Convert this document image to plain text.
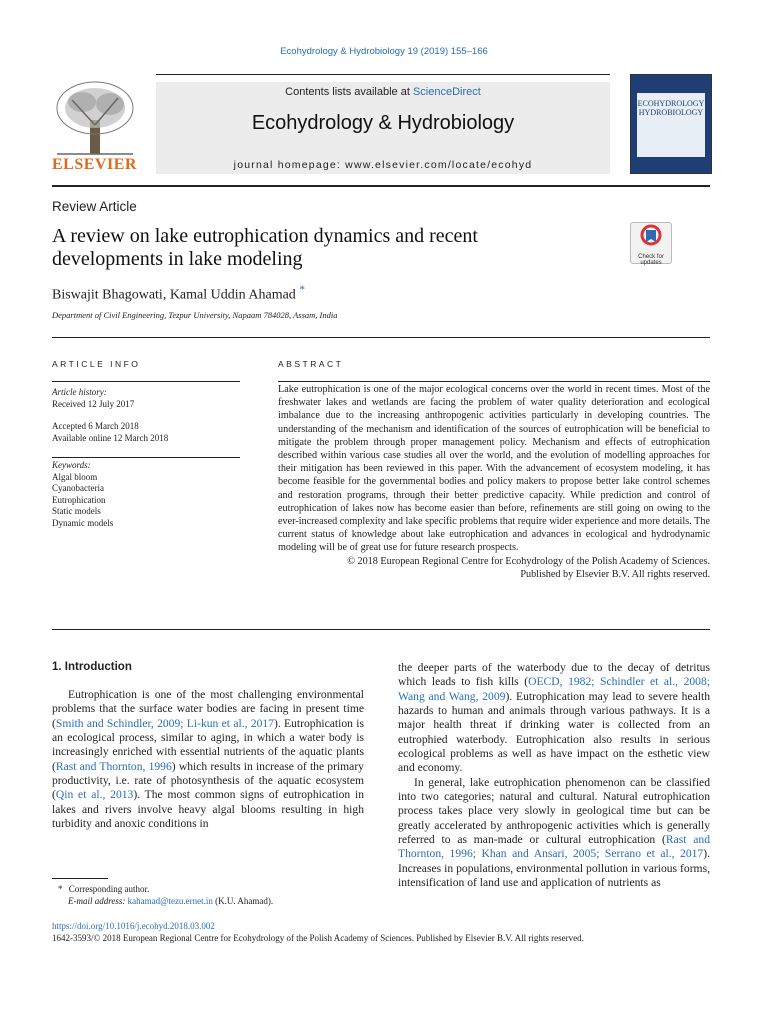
Ecohydrology & Hydrobiology 19 (2019) 155–166
ELSEVIER
Contents lists available at ScienceDirect
Ecohydrology & Hydrobiology
journal homepage: www.elsevier.com/locate/ecohyd
ECOHYDROLOGY HYDROBIOLOGY
Review Article
A review on lake eutrophication dynamics and recent developments in lake modeling
Biswajit Bhagowati, Kamal Uddin Ahamad *
Department of Civil Engineering, Tezpur University, Napaam 784028, Assam, India
Check for updates
ARTICLE INFO
Article history:
Received 12 July 2017
Accepted 6 March 2018
Available online 12 March 2018
Keywords:
Algal bloom
Cyanobacteria
Eutrophication
Static models
Dynamic models
ABSTRACT

Lake eutrophication is one of the major ecological concerns over the world in recent times. Most of the freshwater lakes and wetlands are facing the problem of water quality deterioration and ecological imbalance due to the increasing anthropogenic activities particularly in developing countries. The understanding of the mechanism and identification of the sources of eutrophication will be beneficial to mitigate the problem through proper management policy. Mechanism and effects of eutrophication described within various case studies all over the world, and the evolution of modelling approaches for their mitigation has been reviewed in this paper. With the advancement of ecosystem modeling, it has become feasible for the governmental bodies and policy makers to propose better lake control schemes and restoration programs, through their better predictive capacity. While prediction and control of eutrophication of lakes now has become easier than before, refinements are still going on owing to the ever-increased complexity and lake specific problems that require wider experience and more details. The current status of knowledge about lake eutrophication and advances in ecological and hydrodynamic modeling will be of great use for future research prospects.

© 2018 European Regional Centre for Ecohydrology of the Polish Academy of Sciences.

Published by Elsevier B.V. All rights reserved.

1. Introduction
Eutrophication is one of the most challenging environmental problems that the surface water bodies are facing in present time (Smith and Schindler, 2009; Li-kun et al., 2017). Eutrophication is an ecological process, similar to aging, in which a water body is increasingly enriched with essential nutrients of the aquatic plants (Rast and Thornton, 1996) which results in increase of the primary productivity, i.e. rate of photosynthesis of the aquatic ecosystem (Qin et al., 2013). The most common signs of eutrophication in lakes and rivers involve heavy algal blooms resulting in high turbidity and anoxic conditions in

the deeper parts of the waterbody due to the decay of detritus which leads to fish kills (OECD, 1982; Schindler et al., 2008; Wang and Wang, 2009). Eutrophication may lead to severe health hazards to human and animals through various pathways. It is a major health threat if drinking water is collected from an eutrophied waterbody. Eutrophication also results in serious ecological problems as well as have impact on the esthetic view and economy.

In general, lake eutrophication phenomenon can be classified into two categories; natural and cultural. Natural eutrophication process takes place very slowly in geological time but can be greatly accelerated by anthropogenic activities which is generally referred to as man-made or cultural eutrophication (Rast and Thornton, 1996; Khan and Ansari, 2005; Serrano et al., 2017). Increases in populations, environmental pollution in various forms, intensification of land use and application of nutrients as

* Corresponding author.
E-mail address: kahamad@tezu.ernet.in (K.U. Ahamad).
https://doi.org/10.1016/j.ecohyd.2018.03.002
1642-3593/© 2018 European Regional Centre for Ecohydrology of the Polish Academy of Sciences. Published by Elsevier B.V. All rights reserved.
